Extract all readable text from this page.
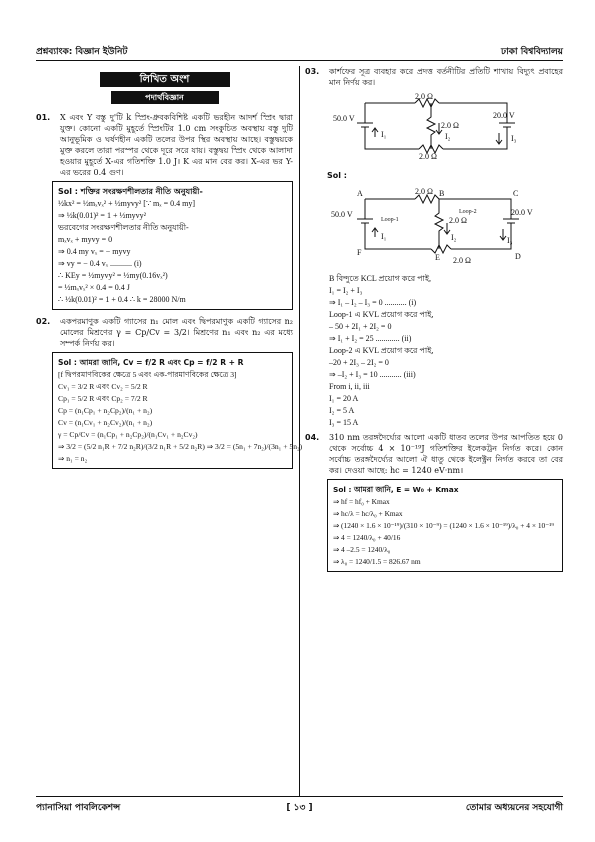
প্রশ্নব্যাংক: বিজ্ঞান ইউনিট	ঢাকা বিশ্ববিদ্যালয়
লিখিত অংশ
পদার্থবিজ্ঞান
01. X এবং Y বস্তু দু'টি k স্প্রিং-ধ্রুবকবিশিষ্ট একটি ভরহীন আদর্শ স্প্রিং দ্বারা যুক্ত। কোনো একটি মুহূর্তে স্প্রিংটির 1.0 cm সংকুচিত অবস্থায় বস্তু দুটি আনুভূমিক ও ঘর্ষণহীন একটি তলের উপর স্থির অবস্থায় আছে। বস্তুদ্বয়কে মুক্ত করলে তারা পরস্পর থেকে দূরে সরে যায়। বস্তুদ্বয় স্প্রিং থেকে আলাদা হওয়ার মুহূর্তে X-এর গতিশক্তি 1.0 J। K এর মান বের কর। X-এর ভর Y-এর ভরের 0.4 গুণ।
Sol : শক্তির সংরক্ষণশীলতার নীতি অনুযায়ী-
½kx² = ½mₓvₓ² + ½myvy² [∵ mₓ = 0.4 my]
⇒ ½k(0.01)² = 1 + ½myvy²
ভরবেগের সংরক্ষণশীলতার নীতি অনুযায়ী-
mₓvₓ + myvy = 0
⇒ 0.4 my vₓ = − myvy
⇒ vy = − 0.4 vₓ ........... (i)
∴ KEy = ½myvy² = ½my(0.16vₓ²)
= ½mₓvₓ² × 0.4 = 0.4 J
∴ ½k(0.01)² = 1 + 0.4 ∴ k = 28000 N/m
02. একপরমাণুক একটি গ্যাসের n₁ মোল এবং দ্বিপরমাণুক একটি গ্যাসের n₂ মোলের মিশ্রণের γ = Cp/Cv = 3/2। মিশ্রণের n₁ এবং n₂ এর মধ্যে সম্পর্ক নির্ণয় কর।
Sol : আমরা জানি, Cv = f/2 R এবং Cp = f/2 R + R
[f দ্বিপরমাণবিকের ক্ষেত্রে 5 এবং এক-পারমাণবিকের ক্ষেত্রে 3]
Cv₁ = 3/2 R এবং Cv₂ = 5/2 R
Cp₁ = 5/2 R এবং Cp₂ = 7/2 R
Cp = (n₁Cp₁ + n₂Cp₂)/(n₁ + n₂)
Cv = (n₁Cv₁ + n₂Cv₂)/(n₁ + n₂)
γ = Cp/Cv = (n₁Cp₁ + n₂Cp₂)/(n₁Cv₁ + n₂Cv₂)
⇒ 3/2 = (5/2 n₁R + 7/2 n₂R)/(3/2 n₁R + 5/2 n₂R) ⇒ 3/2 = (5n₁ + 7n₂)/(3n₁ + 5n₂)
⇒ n₁ = n₂
03. কার্শফের সূত্র ব্যবহার করে প্রদত্ত বর্তনীটির প্রতিটি শাখায় বিদ্যুৎ প্রবাহের মান নির্ণয় কর।
2.0 Ω
2.0 Ω
2.0 Ω
50.0 V	20.0 V
I₁	I₂	I₃
Sol :
A	B	C
D
E
F
Loop-1
Loop-2
2.0 Ω
2.0 Ω
2.0 Ω
50.0 V	20.0 V
I₁	I₂	I₃
B বিন্দুতে KCL প্রয়োগ করে পাই,
I₁ = I₂ + I₃
⇒ I₁ – I₂ – I₃ = 0 ........... (i)
Loop-1 এ KVL প্রয়োগ করে পাই,
– 50 + 2I₁ + 2I₂ = 0
⇒ I₁ + I₂ = 25 ............ (ii)
Loop-2 এ KVL প্রয়োগ করে পাই,
–20 + 2I₃ – 2I₂ = 0
⇒ –I₂ + I₃ = 10 ........... (iii)
From i, ii, iii
I₁ = 20 A
I₂ = 5 A
I₃ = 15 A
04. 310 nm তরঙ্গদৈর্ঘ্যের আলো একটি ধাতব তলের উপর আপতিত হয়ে 0 থেকে সর্বোচ্চ 4 × 10⁻¹⁹J গতিশক্তির ইলেকট্রন নির্গত করে। কোন সর্বোচ্চ তরঙ্গদৈর্ঘ্যের আলো ঐ ধাতু থেকে ইলেক্ট্রন নির্গত করবে তা বের কর। দেওয়া আছে: hc = 1240 eV·nm।
Sol : আমরা জানি, E = W₀ + Kmax
⇒ hf = hf₀ + Kmax
⇒ hc/λ = hc/λ₀ + Kmax
⇒ (1240 × 1.6 × 10⁻¹⁹)/(310 × 10⁻⁹) = (1240 × 1.6 × 10⁻¹⁹)/λ₀ + 4 × 10⁻¹⁹
⇒ 4 = 1240/λ₀ + 40/16
⇒ 4 –2.5 = 1240/λ₀
⇒ λ₀ = 1240/1.5 = 826.67 nm
প্যানাসিয়া পাবলিকেশন্স	[ ১৩ ]	তোমার অধ্যয়নের সহযোগী
